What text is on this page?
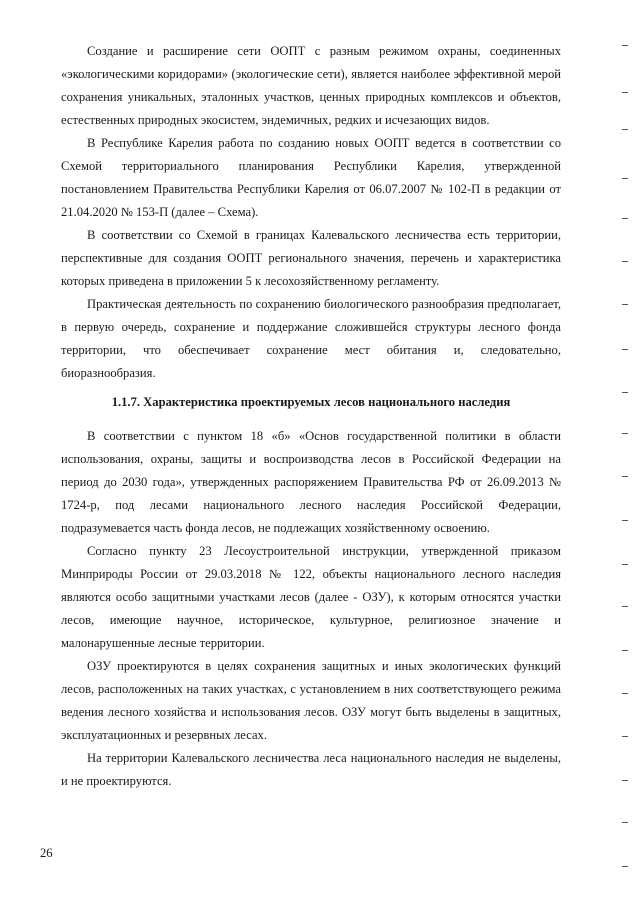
Создание и расширение сети ООПТ с разным режимом охраны, соединенных «экологическими коридорами» (экологические сети), является наиболее эффективной мерой сохранения уникальных, эталонных участков, ценных природных комплексов и объектов, естественных природных экосистем, эндемичных, редких и исчезающих видов.

В Республике Карелия работа по созданию новых ООПТ ведется в соответствии со Схемой территориального планирования Республики Карелия, утвержденной постановлением Правительства Республики Карелия от 06.07.2007 № 102-П в редакции от 21.04.2020 № 153-П (далее – Схема).

В соответствии со Схемой в границах Калевальского лесничества есть территории, перспективные для создания ООПТ регионального значения, перечень и характеристика которых приведена в приложении 5 к лесохозяйственному регламенту.

Практическая деятельность по сохранению биологического разнообразия предполагает, в первую очередь, сохранение и поддержание сложившейся структуры лесного фонда территории, что обеспечивает сохранение мест обитания и, следовательно, биоразнообразия.

1.1.7. Характеристика проектируемых лесов национального наследия

В соответствии с пунктом 18 «б» «Основ государственной политики в области использования, охраны, защиты и воспроизводства лесов в Российской Федерации на период до 2030 года», утвержденных распоряжением Правительства РФ от 26.09.2013 № 1724-р, под лесами национального лесного наследия Российской Федерации, подразумевается часть фонда лесов, не подлежащих хозяйственному освоению.

Согласно пункту 23 Лесоустроительной инструкции, утвержденной приказом Минприроды России от 29.03.2018 № 122, объекты национального лесного наследия являются особо защитными участками лесов (далее - ОЗУ), к которым относятся участки лесов, имеющие научное, историческое, культурное, религиозное значение и малонарушенные лесные территории.

ОЗУ проектируются в целях сохранения защитных и иных экологических функций лесов, расположенных на таких участках, с установлением в них соответствующего режима ведения лесного хозяйства и использования лесов. ОЗУ могут быть выделены в защитных, эксплуатационных и резервных лесах.

На территории Калевальского лесничества леса национального наследия не выделены, и не проектируются.

26
